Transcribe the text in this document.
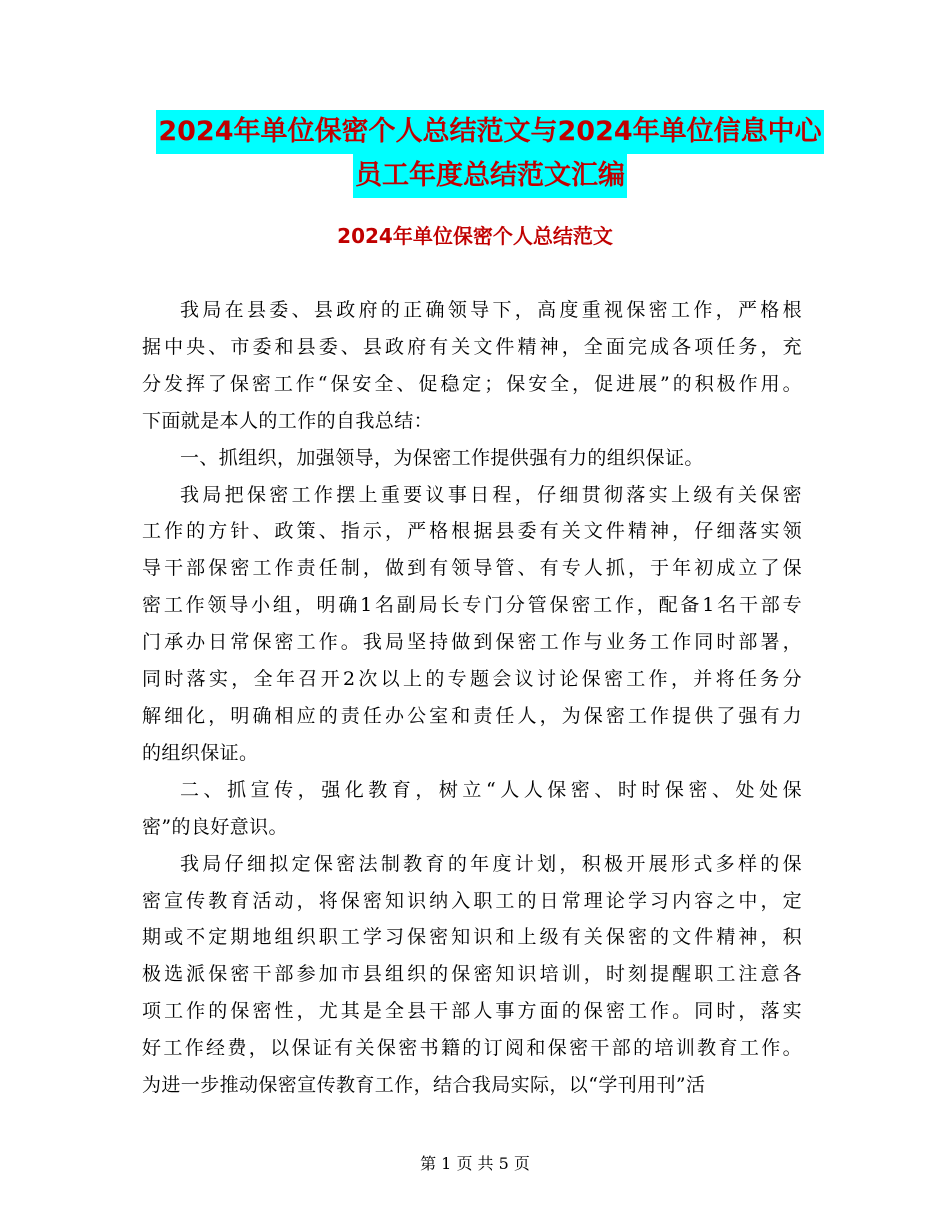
2024年单位保密个人总结范文与2024年单位信息中心
员工年度总结范文汇编
2024年单位保密个人总结范文
我局在县委、县政府的正确领导下，高度重视保密工作，严格根
据中央、市委和县委、县政府有关文件精神，全面完成各项任务，充
分发挥了保密工作“保安全、促稳定；保安全，促进展”的积极作用。
下面就是本人的工作的自我总结：
一、抓组织，加强领导，为保密工作提供强有力的组织保证。
我局把保密工作摆上重要议事日程，仔细贯彻落实上级有关保密
工作的方针、政策、指示，严格根据县委有关文件精神，仔细落实领
导干部保密工作责任制，做到有领导管、有专人抓，于年初成立了保
密工作领导小组，明确1名副局长专门分管保密工作，配备1名干部专
门承办日常保密工作。我局坚持做到保密工作与业务工作同时部署，
同时落实，全年召开2次以上的专题会议讨论保密工作，并将任务分
解细化，明确相应的责任办公室和责任人，为保密工作提供了强有力
的组织保证。
二、抓宣传，强化教育，树立“人人保密、时时保密、处处保
密”的良好意识。
我局仔细拟定保密法制教育的年度计划，积极开展形式多样的保
密宣传教育活动，将保密知识纳入职工的日常理论学习内容之中，定
期或不定期地组织职工学习保密知识和上级有关保密的文件精神，积
极选派保密干部参加市县组织的保密知识培训，时刻提醒职工注意各
项工作的保密性，尤其是全县干部人事方面的保密工作。同时，落实
好工作经费，以保证有关保密书籍的订阅和保密干部的培训教育工作。
为进一步推动保密宣传教育工作，结合我局实际，以“学刊用刊”活
第 1 页 共 5 页
